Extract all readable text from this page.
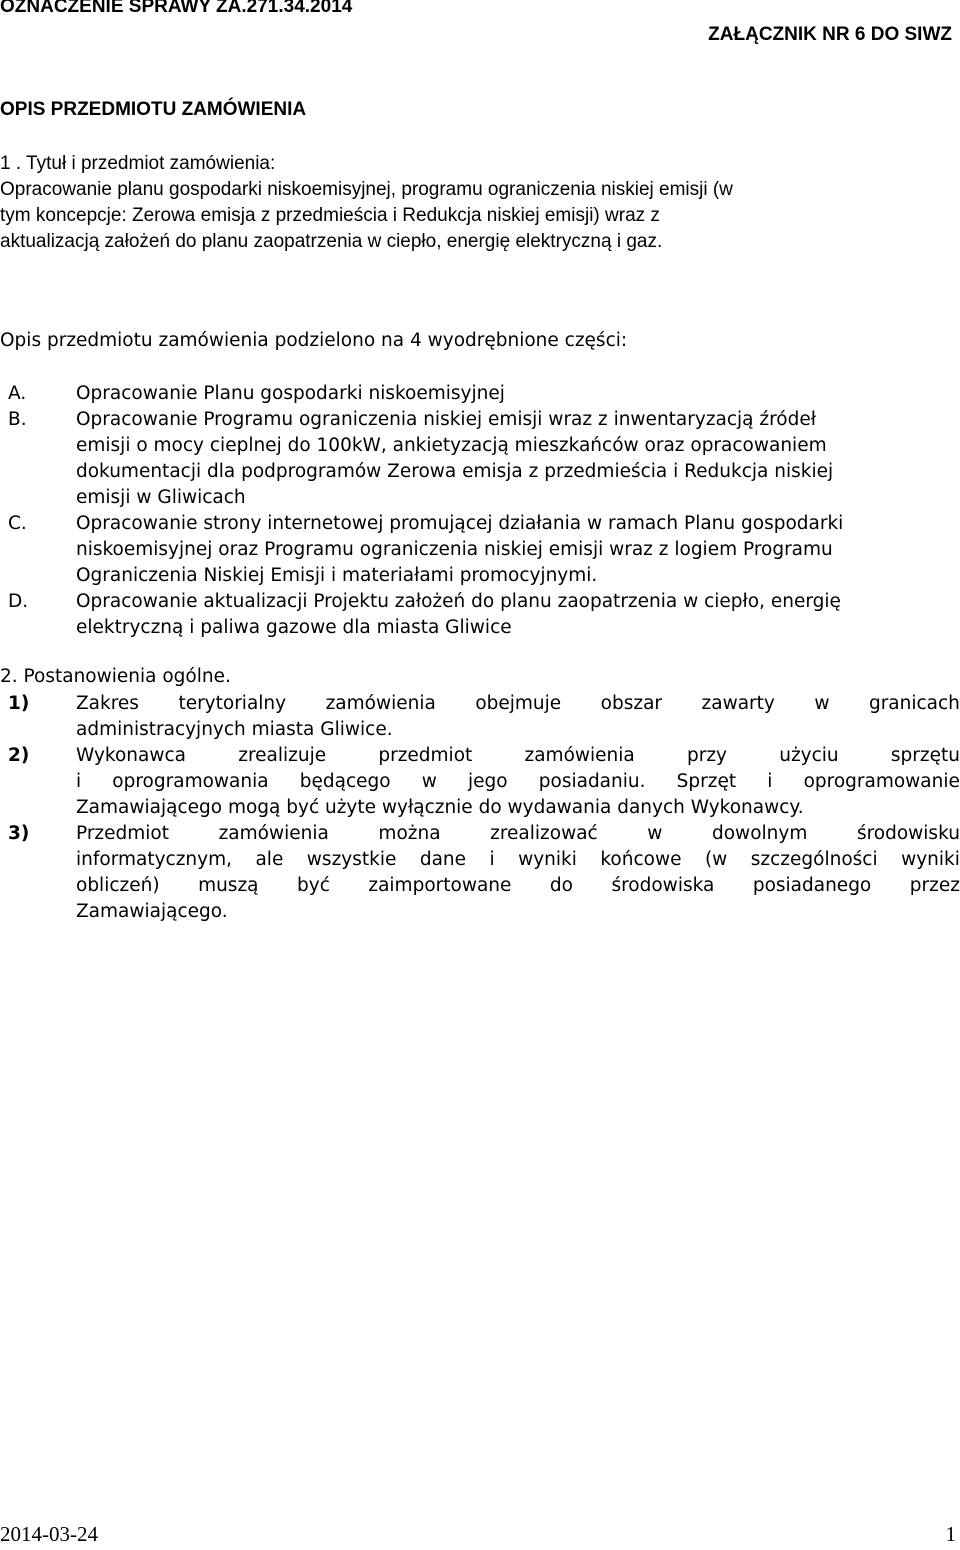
OZNACZENIE SPRAWY ZA.271.34.2014
ZAŁĄCZNIK NR 6 DO SIWZ
OPIS PRZEDMIOTU ZAMÓWIENIA
1 . Tytuł i przedmiot zamówienia:
Opracowanie planu gospodarki niskoemisyjnej, programu ograniczenia niskiej emisji (w
tym koncepcje: Zerowa emisja z przedmieścia i Redukcja niskiej emisji) wraz z
aktualizacją założeń do planu zaopatrzenia w ciepło, energię elektryczną i gaz.
Opis przedmiotu zamówienia podzielono na 4 wyodrębnione części:
A.	Opracowanie Planu gospodarki niskoemisyjnej
B.	Opracowanie Programu ograniczenia niskiej emisji wraz z inwentaryzacją źródeł
emisji o mocy cieplnej do 100kW, ankietyzacją mieszkańców oraz opracowaniem
dokumentacji dla podprogramów Zerowa emisja z przedmieścia i Redukcja niskiej
emisji w Gliwicach
C.	Opracowanie strony internetowej promującej działania w ramach Planu gospodarki
niskoemisyjnej oraz Programu ograniczenia niskiej emisji wraz z logiem Programu
Ograniczenia Niskiej Emisji i materiałami promocyjnymi.
D.	Opracowanie aktualizacji Projektu założeń do planu zaopatrzenia w ciepło, energię
elektryczną i paliwa gazowe dla miasta Gliwice
2. Postanowienia ogólne.
1)	Zakres terytorialny zamówienia obejmuje obszar zawarty w granicach
administracyjnych miasta Gliwice.
2)	Wykonawca	zrealizuje	przedmiot	zamówienia	przy	użyciu	sprzętu
i oprogramowania będącego w jego posiadaniu. Sprzęt i oprogramowanie
Zamawiającego mogą być użyte wyłącznie do wydawania danych Wykonawcy.
3)	Przedmiot	zamówienia	można	zrealizować	w	dowolnym	środowisku
informatycznym, ale wszystkie dane i wyniki końcowe (w szczególności wyniki
obliczeń) muszą być zaimportowane do środowiska posiadanego przez
Zamawiającego.
2014-03-24	1
